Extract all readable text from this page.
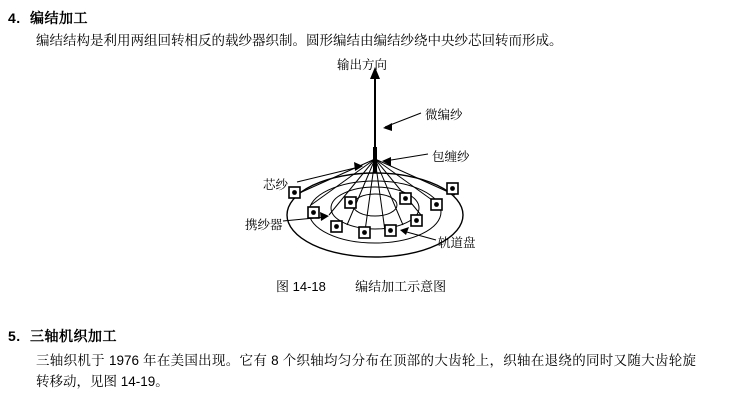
4. 编结加工
编结结构是利用两组回转相反的载纱器织制。圆形编结由编结纱绕中央纱芯回转而形成。
输出方向
微编纱
包缠纱
芯纱
携纱器
轨道盘
图 14-18 编结加工示意图
5. 三轴机织加工
三轴织机于 1976 年在美国出现。它有 8 个织轴均匀分布在顶部的大齿轮上，织轴在退绕的同时又随大齿轮旋转移动，见图 14-19。
